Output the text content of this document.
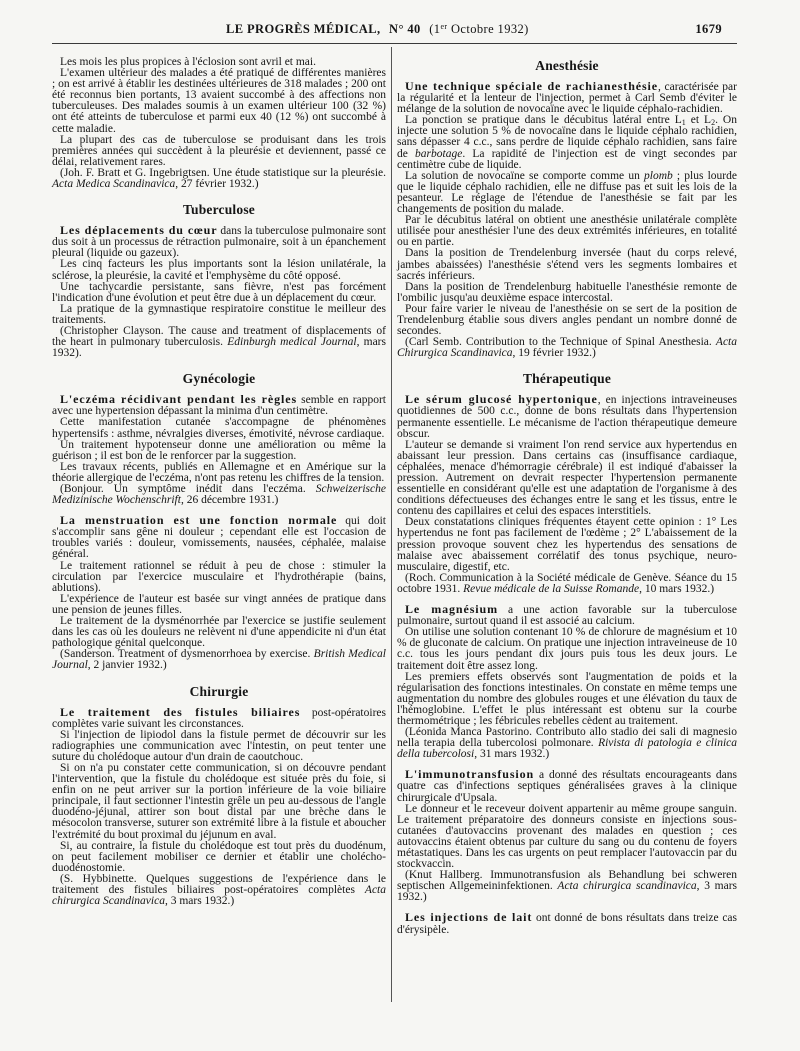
LE PROGRÈS MÉDICAL, N° 40 (1er Octobre 1932)	1679

Les mois les plus propices à l'éclosion sont avril et mai.

L'examen ultérieur des malades a été pratiqué de différentes manières ; on est arrivé à établir les destinées ultérieures de 318 malades ; 200 ont été reconnus bien portants, 13 avaient succombé à des affections non tuberculeuses. Des malades soumis à un examen ultérieur 100 (32 %) ont été atteints de tuberculose et parmi eux 40 (12 %) ont succombé à cette maladie.

La plupart des cas de tuberculose se produisant dans les trois premières années qui succèdent à la pleurésie et deviennent, passé ce délai, relativement rares.

(Joh. F. Bratt et G. Ingebrigtsen. Une étude statistique sur la pleurésie. Acta Medica Scandinavica, 27 février 1932.)

Tuberculose

Les déplacements du cœur dans la tuberculose pulmonaire sont dus soit à un processus de rétraction pulmonaire, soit à un épanchement pleural (liquide ou gazeux).

Les cinq facteurs les plus importants sont la lésion unilatérale, la sclérose, la pleurésie, la cavité et l'emphysème du côté opposé.

Une tachycardie persistante, sans fièvre, n'est pas forcément l'indication d'une évolution et peut être due à un déplacement du cœur.

La pratique de la gymnastique respiratoire constitue le meilleur des traitements.

(Christopher Clayson. The cause and treatment of displacements of the heart in pulmonary tuberculosis. Edinburgh medical Journal, mars 1932).

Gynécologie

L'eczéma récidivant pendant les règles semble en rapport avec une hypertension dépassant la minima d'un centimètre.

Cette manifestation cutanée s'accompagne de phénomènes hypertensifs : asthme, névralgies diverses, émotivité, névrose cardiaque.

Un traitement hypotenseur donne une amélioration ou même la guérison ; il est bon de le renforcer par la suggestion.

Les travaux récents, publiés en Allemagne et en Amérique sur la théorie allergique de l'eczéma, n'ont pas retenu les chiffres de la tension.

(Bonjour. Un symptôme inédit dans l'eczéma. Schweizerische Medizinische Wochenschrift, 26 décembre 1931.)

La menstruation est une fonction normale qui doit s'accomplir sans gêne ni douleur ; cependant elle est l'occasion de troubles variés : douleur, vomissements, nausées, céphalée, malaise général.

Le traitement rationnel se réduit à peu de chose : stimuler la circulation par l'exercice musculaire et l'hydrothérapie (bains, ablutions).

L'expérience de l'auteur est basée sur vingt années de pratique dans une pension de jeunes filles.

Le traitement de la dysménorrhée par l'exercice se justifie seulement dans les cas où les douleurs ne relèvent ni d'une appendicite ni d'un état pathologique génital quelconque.

(Sanderson. Treatment of dysmenorrhoea by exercise. British Medical Journal, 2 janvier 1932.)

Chirurgie

Le traitement des fistules biliaires post-opératoires complètes varie suivant les circonstances.

Si l'injection de lipiodol dans la fistule permet de découvrir sur les radiographies une communication avec l'intestin, on peut tenter une suture du cholédoque autour d'un drain de caoutchouc.

Si on n'a pu constater cette communication, si on découvre pendant l'intervention, que la fistule du cholédoque est située près du foie, si enfin on ne peut arriver sur la portion inférieure de la voie biliaire principale, il faut sectionner l'intestin grêle un peu au-dessous de l'angle duodéno-jéjunal, attirer son bout distal par une brèche dans le mésocolon transverse, suturer son extrémité libre à la fistule et aboucher l'extrémité du bout proximal du jéjunum en aval.

Si, au contraire, la fistule du cholédoque est tout près du duodénum, on peut facilement mobiliser ce dernier et établir une cholécho-duodénostomie.

(S. Hybbinette. Quelques suggestions de l'expérience dans le traitement des fistules biliaires post-opératoires complètes Acta chirurgica Scandinavica, 3 mars 1932.)

Anesthésie

Une technique spéciale de rachianesthésie, caractérisée par la régularité et la lenteur de l'injection, permet à Carl Semb d'éviter le mélange de la solution de novocaïne avec le liquide céphalo-rachidien.

La ponction se pratique dans le décubitus latéral entre $L_1$ et $L_2$. On injecte une solution 5 % de novocaïne dans le liquide céphalo rachidien, sans dépasser 4 c.c., sans perdre de liquide céphalo rachidien, sans faire de barbotage. La rapidité de l'injection est de vingt secondes par centimètre cube de liquide.

La solution de novocaïne se comporte comme un plomb ; plus lourde que le liquide céphalo rachidien, elle ne diffuse pas et suit les lois de la pesanteur. Le réglage de l'étendue de l'anesthésie se fait par les changements de position du malade.

Par le décubitus latéral on obtient une anesthésie unilatérale complète utilisée pour anesthésier l'une des deux extrémités inférieures, en totalité ou en partie.

Dans la position de Trendelenburg inversée (haut du corps relevé, jambes abaissées) l'anesthésie s'étend vers les segments lombaires et sacrés inférieurs.

Dans la position de Trendelenburg habituelle l'anesthésie remonte de l'ombilic jusqu'au deuxième espace intercostal.

Pour faire varier le niveau de l'anesthésie on se sert de la position de Trendelenburg établie sous divers angles pendant un nombre donné de secondes.

(Carl Semb. Contribution to the Technique of Spinal Anesthesia. Acta Chirurgica Scandinavica, 19 février 1932.)

Thérapeutique

Le sérum glucosé hypertonique, en injections intraveineuses quotidiennes de 500 c.c., donne de bons résultats dans l'hypertension permanente essentielle. Le mécanisme de l'action thérapeutique demeure obscur.

L'auteur se demande si vraiment l'on rend service aux hypertendus en abaissant leur pression. Dans certains cas (insuffisance cardiaque, céphalées, menace d'hémorragie cérébrale) il est indiqué d'abaisser la pression. Autrement on devrait respecter l'hypertension permanente essentielle en considérant qu'elle est une adaptation de l'organisme à des conditions défectueuses des échanges entre le sang et les tissus, entre le contenu des capillaires et celui des espaces interstitiels.

Deux constatations cliniques fréquentes étayent cette opinion : 1° Les hypertendus ne font pas facilement de l'œdème ; 2° L'abaissement de la pression provoque souvent chez les hypertendus des sensations de malaise avec abaissement corrélatif des tonus psychique, neuro-musculaire, digestif, etc.

(Roch. Communication à la Société médicale de Genève. Séance du 15 octobre 1931. Revue médicale de la Suisse Romande, 10 mars 1932.)

Le magnésium a une action favorable sur la tuberculose pulmonaire, surtout quand il est associé au calcium.

On utilise une solution contenant 10 % de chlorure de magnésium et 10 % de gluconate de calcium. On pratique une injection intraveineuse de 10 c.c. tous les jours pendant dix jours puis tous les deux jours. Le traitement doit être assez long.

Les premiers effets observés sont l'augmentation de poids et la régularisation des fonctions intestinales. On constate en même temps une augmentation du nombre des globules rouges et une élévation du taux de l'hémoglobine. L'effet le plus intéressant est obtenu sur la courbe thermométrique ; les fébricules rebelles cèdent au traitement.

(Léonida Manca Pastorino. Contributo allo stadio dei sali di magnesio nella terapia della tubercolosi polmonare. Rivista di patologia e clinica della tubercolosi, 31 mars 1932.)

L'immunotransfusion a donné des résultats encourageants dans quatre cas d'infections septiques généralisées graves à la clinique chirurgicale d'Upsala.

Le donneur et le receveur doivent appartenir au même groupe sanguin. Le traitement préparatoire des donneurs consiste en injections sous-cutanées d'autovaccins provenant des malades en question ; ces autovaccins étaient obtenus par culture du sang ou du contenu de foyers métastatiques. Dans les cas urgents on peut remplacer l'autovaccin par du stockvaccin.

(Knut Hallberg. Immunotransfusion als Behandlung bei schweren septischen Allgemeininfektionen. Acta chirurgica scandinavica, 3 mars 1932.)

Les injections de lait ont donné de bons résultats dans treize cas d'érysipèle.
